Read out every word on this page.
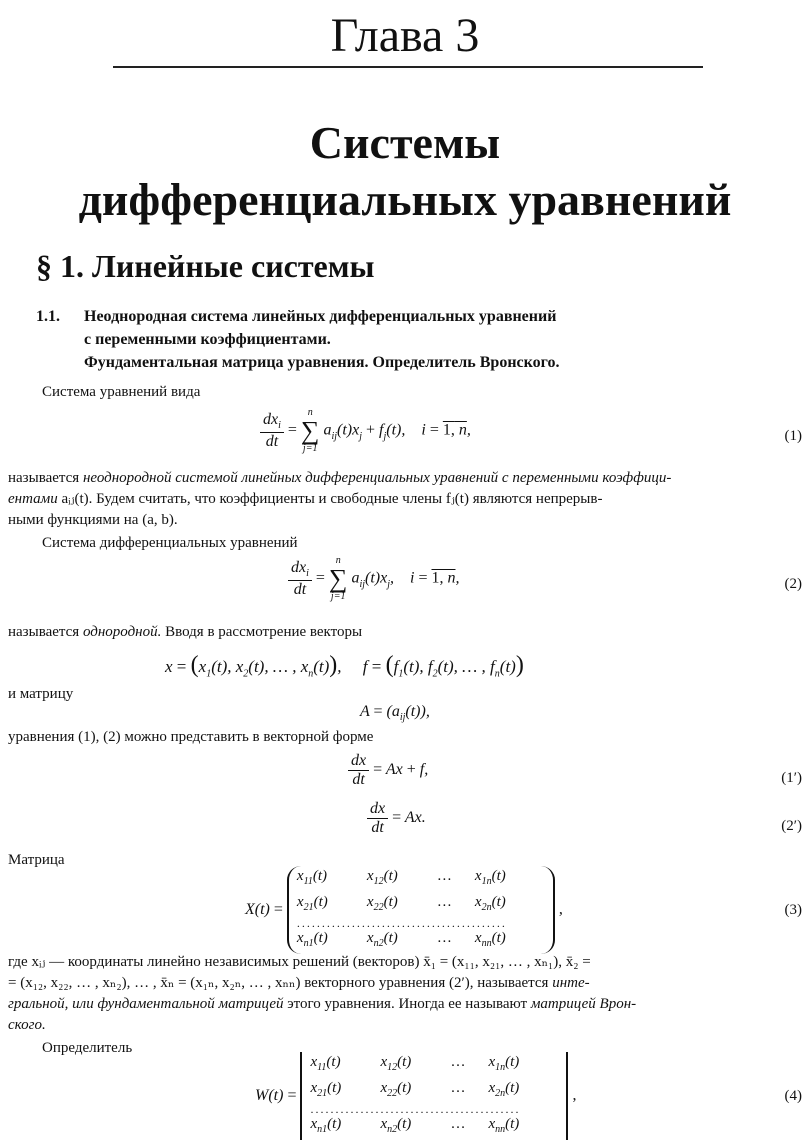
Глава 3
Системы
дифференциальных уравнений
§ 1. Линейные системы
1.1. Неоднородная система линейных дифференциальных уравнений
с переменными коэффициентами.
Фундаментальная матрица уравнения. Определитель Вронского.
Система уравнений вида
$\frac{dx_i}{dt}$ =
n
∑
j=1
$a_{ij}(t)x_j + f_j(t)$,    i = 1, n,	(1)
называется неоднородной системой линейных дифференциальных уравнений с переменными коэффици-
ентами aᵢⱼ(t). Будем считать, что коэффициенты и свободные члены fⱼ(t) являются непрерыв-
ными функциями на (a, b).
Система дифференциальных уравнений
$\frac{dx_i}{dt}$ =
n
∑
j=1
$a_{ij}(t)x_j$,    i = 1, n,	(2)
называется однородной. Вводя в рассмотрение векторы
$x = (x_1(t)$, $x_2(t)$, … , $x_n(t)$),     $f = (f_1(t)$, $f_2(t)$, … , $f_n(t)$)
и матрицу
$A = (a_{ij}(t))$,
уравнения (1), (2) можно представить в векторной форме
$\frac{dx}{dt} = Ax + f$,	(1′)
$\frac{dx}{dt} = Ax$.	(2′)
Матрица
X(t) =
$x_{11}(t)$	$x_{12}(t)$	… $x_{1n}(t)$
$x_{21}(t)$	$x_{22}(t)$	… $x_{2n}(t)$
..........................................
$x_{n1}(t)$	$x_{n2}(t)$	… $x_{nn}(t)$
,	(3)
где xᵢⱼ — координаты линейно независимых решений (векторов) x̄₁ = (x₁₁, x₂₁, … , xₙ₁), x̄₂ =
= (x₁₂, x₂₂, … , xₙ₂), … , x̄ₙ = (x₁ₙ, x₂ₙ, … , xₙₙ) векторного уравнения (2′), называется инте-
гральной, или фундаментальной матрицей этого уравнения. Иногда ее называют матрицей Врон-
ского.
Определитель
W(t) =
$x_{11}(t)$	$x_{12}(t)$	… $x_{1n}(t)$
$x_{21}(t)$	$x_{22}(t)$	… $x_{2n}(t)$
..........................................
$x_{n1}(t)$	$x_{n2}(t)$	… $x_{nn}(t)$
,	(4)
